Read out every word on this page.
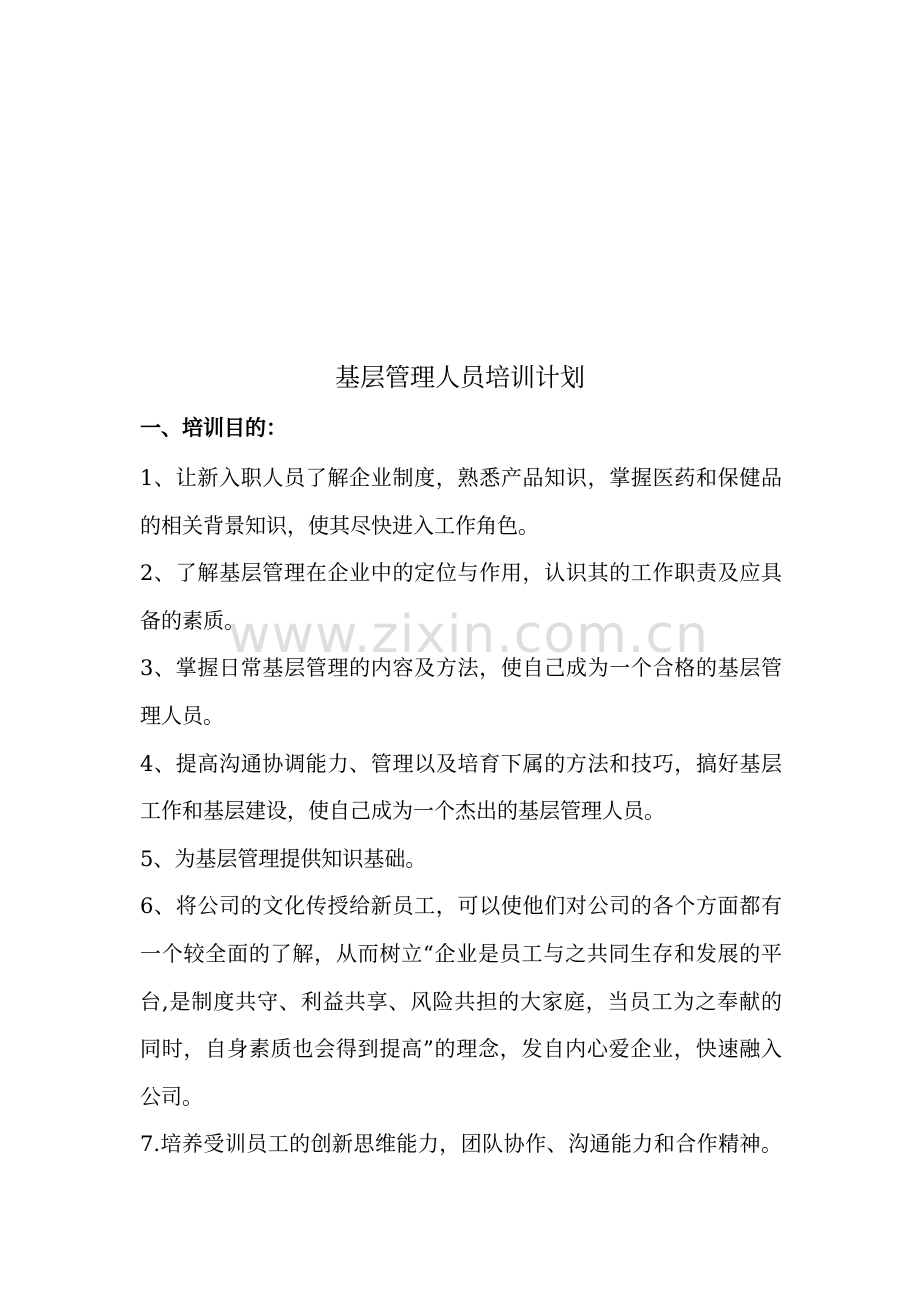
www.zixin.com.cn
基层管理人员培训计划
一、培训目的：
1、让新入职人员了解企业制度，熟悉产品知识，掌握医药和保健品
的相关背景知识，使其尽快进入工作角色。
2、了解基层管理在企业中的定位与作用，认识其的工作职责及应具
备的素质。
3、掌握日常基层管理的内容及方法，使自己成为一个合格的基层管
理人员。
4、提高沟通协调能力、管理以及培育下属的方法和技巧，搞好基层
工作和基层建设，使自己成为一个杰出的基层管理人员。
5、为基层管理提供知识基础。
6、将公司的文化传授给新员工，可以使他们对公司的各个方面都有
一个较全面的了解，从而树立“企业是员工与之共同生存和发展的平
台,是制度共守、利益共享、风险共担的大家庭，当员工为之奉献的
同时，自身素质也会得到提高”的理念，发自内心爱企业，快速融入
公司。
7.培养受训员工的创新思维能力，团队协作、沟通能力和合作精神。
